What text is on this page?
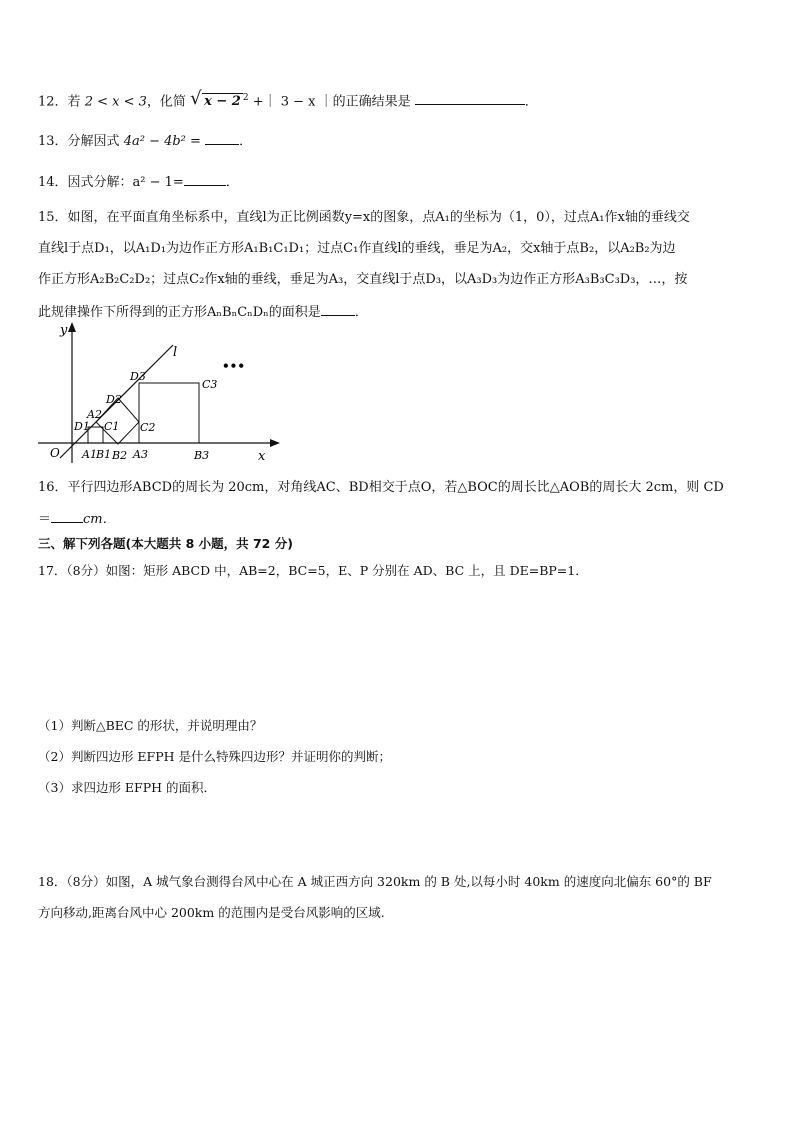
12．若 2 < x < 3，化简 √ x − 2 $^2$ +｜ 3 − x ｜的正确结果是	．
13．分解因式 4a² − 4b² =	．
14．因式分解：a² − 1=	．
15．如图，在平面直角坐标系中，直线l为正比例函数y=x的图象，点A₁的坐标为（1，0），过点A₁作x轴的垂线交
直线l于点D₁，以A₁D₁为边作正方形A₁B₁C₁D₁；过点C₁作直线l的垂线，垂足为A₂，交x轴于点B₂，以A₂B₂为边
作正方形A₂B₂C₂D₂；过点C₂作x轴的垂线，垂足为A₃，交直线l于点D₃，以A₃D₃为边作正方形A₃B₃C₃D₃，…，按
此规律操作下所得到的正方形AₙBₙCₙDₙ的面积是	．
y
x
l
O
•••
D1
A2
C1
D2
C2
D3
C3
A1 B1 B2 A3	B3
16．平行四边形ABCD的周长为 20cm，对角线AC、BD相交于点O，若△BOC的周长比△AOB的周长大 2cm，则 CD
＝ cm．
三、解下列各题(本大题共 8 小题，共 72 分)
17．（8分）如图：矩形 ABCD 中，AB=2，BC=5，E、P 分别在 AD、BC 上，且 DE=BP=1．
（1）判断△BEC 的形状，并说明理由？
（2）判断四边形 EFPH 是什么特殊四边形？并证明你的判断；
（3）求四边形 EFPH 的面积．
18．（8分）如图，A 城气象台测得台风中心在 A 城正西方向 320km 的 B 处,以每小时 40km 的速度向北偏东 60°的 BF
方向移动,距离台风中心 200km 的范围内是受台风影响的区域.
